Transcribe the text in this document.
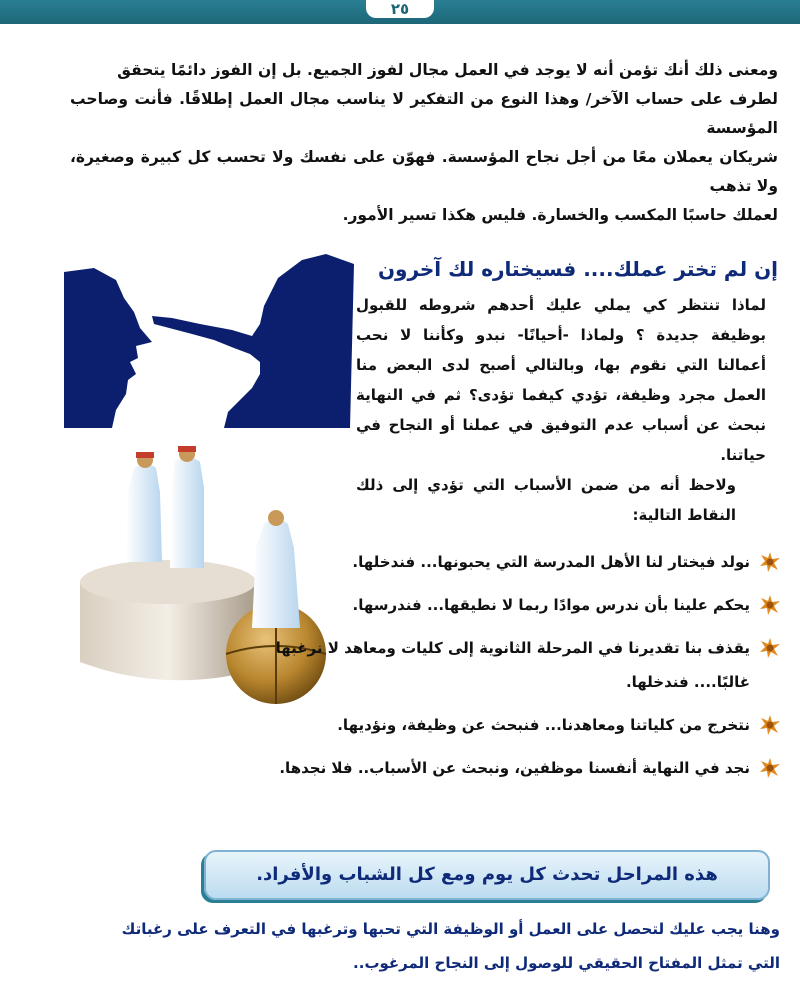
٢٥

ومعنى ذلك أنك تؤمن أنه لا يوجد في العمل مجال لفوز الجميع. بل إن الفوز دائمًا يتحقق

لطرف على حساب الآخر/ وهذا النوع من التفكير لا يناسب مجال العمل إطلاقًا. فأنت وصاحب المؤسسة

شريكان يعملان معًا من أجل نجاح المؤسسة. فهوّن على نفسك ولا تحسب كل كبيرة وصغيرة، ولا تذهب

لعملك حاسبًا المكسب والخسارة. فليس هكذا تسير الأمور.

إن لم تختر عملك.... فسيختاره لك آخرون

لماذا تنتظر كي يملي عليك أحدهم شروطه للقبول بوظيفة جديدة ؟ ولماذا -أحيانًا- نبدو وكأننا لا نحب أعمالنا التي نقوم بها، وبالتالي أصبح لدى البعض منا العمل مجرد وظيفة، تؤدي كيفما تؤدى؟ ثم في النهاية نبحث عن أسباب عدم التوفيق في عملنا أو النجاح في حياتنا.

ولاحظ أنه من ضمن الأسباب التي تؤدي إلى ذلك النقاط التالية:

نولد فيختار لنا الأهل المدرسة التي يحبونها... فندخلها.
يحكم علينا بأن ندرس موادًا ربما لا نطيقها... فندرسها.
يقذف بنا تقديرنا في المرحلة الثانوية إلى كليات ومعاهد لا نرغبها غالبًا.... فندخلها.
نتخرج من كلياتنا ومعاهدنا... فنبحث عن وظيفة، ونؤديها.
نجد في النهاية أنفسنا موظفين، ونبحث عن الأسباب.. فلا نجدها.
هذه المراحل تحدث كل يوم ومع كل الشباب والأفراد.

وهنا يجب عليك لتحصل على العمل أو الوظيفة التي تحبها وترغبها في التعرف على رغباتك

التي تمثل المفتاح الحقيقي للوصول إلى النجاح المرغوب..
